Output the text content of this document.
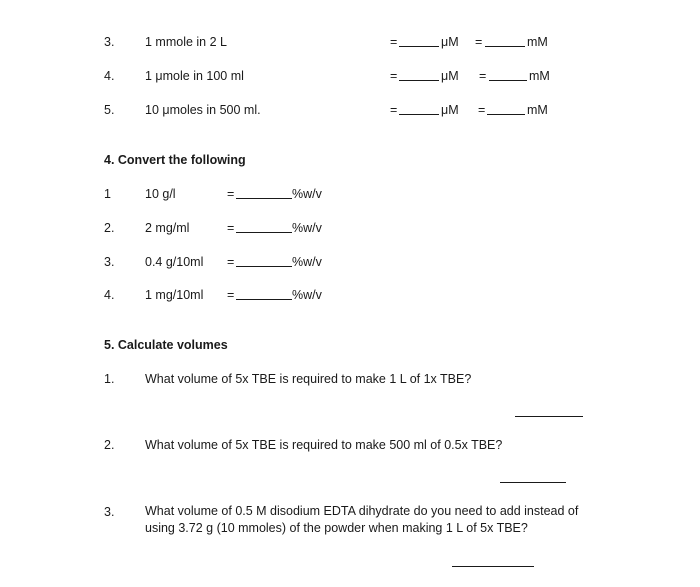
3. 1 mmole in 2 L	=	μM =	mM
4. 1 μmole in 100 ml	=	μM =	mM
5. 10 μmoles in 500 ml.	=	μM =	mM
4. Convert the following
1	10 g/l	=	%w/v
2. 2 mg/ml	=	%w/v
3. 0.4 g/10ml =	%w/v
4. 1 mg/10ml =	%w/v
5. Calculate volumes
1. What volume of 5x TBE is required to make 1 L of 1x TBE?
2. What volume of 5x TBE is required to make 500 ml of 0.5x TBE?
3. What volume of 0.5 M disodium EDTA dihydrate do you need to add instead of using 3.72 g (10 mmoles) of the powder when making 1 L of 5x TBE?
